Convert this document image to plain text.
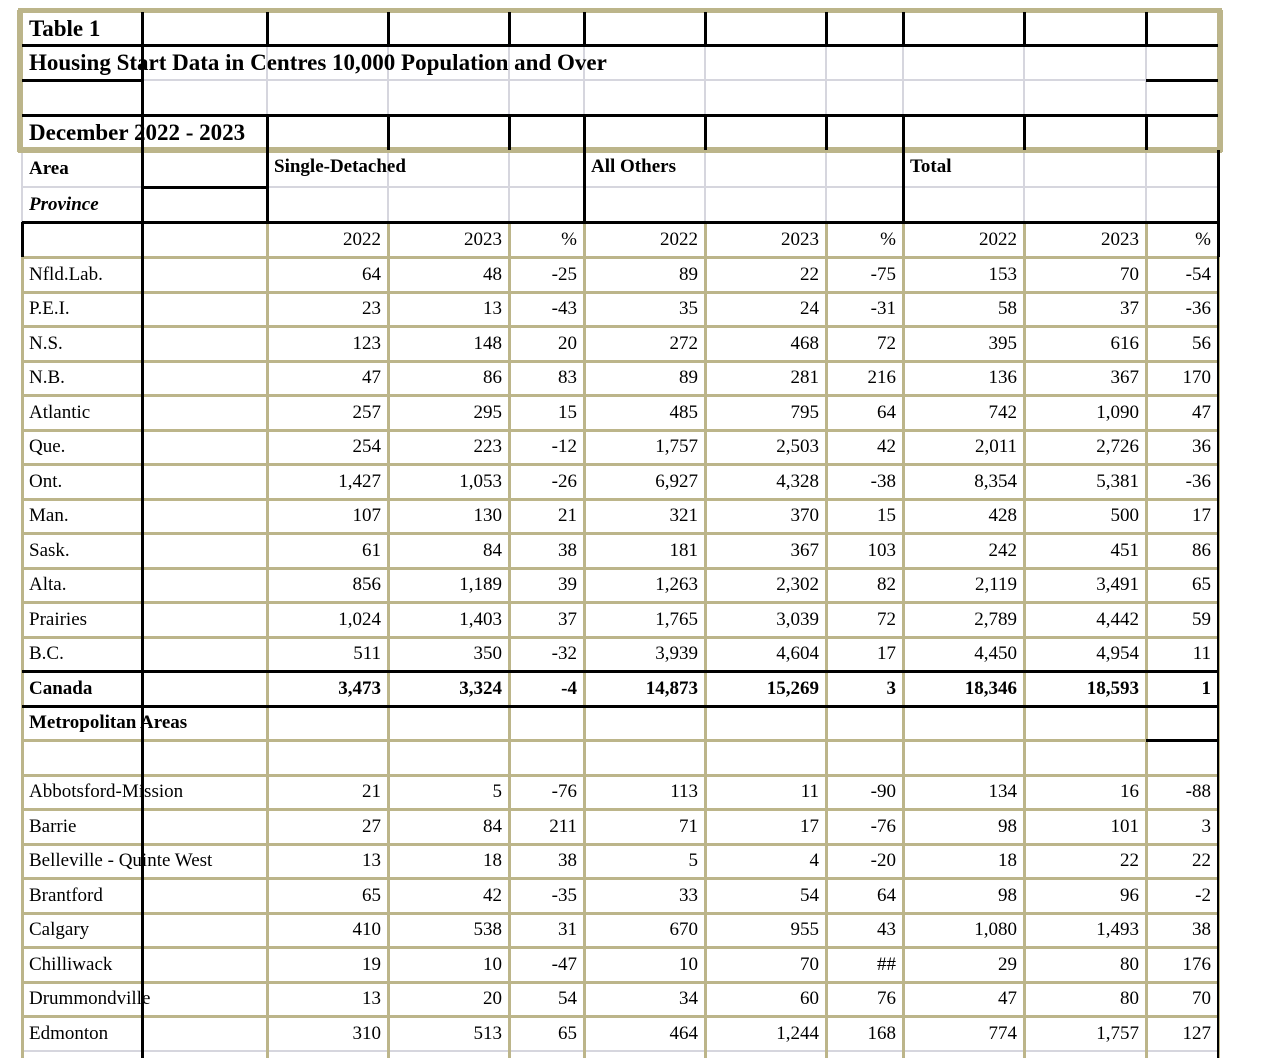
Table 1
Housing Start Data in Centres 10,000 Population and Over
December 2022 - 2023
Area
Province
Single-Detached	All Others	Total
2022	2023	%	2022	2023	%	2022	2023	%
Nfld.Lab.	64	48	-25	89	22	-75	153	70	-54
P.E.I.	23	13	-43	35	24	-31	58	37	-36
N.S.	123	148	20	272	468	72	395	616	56
N.B.	47	86	83	89	281	216	136	367	170
Atlantic	257	295	15	485	795	64	742	1,090	47
Que.	254	223	-12	1,757	2,503	42	2,011	2,726	36
Ont.	1,427	1,053	-26	6,927	4,328	-38	8,354	5,381	-36
Man.	107	130	21	321	370	15	428	500	17
Sask.	61	84	38	181	367	103	242	451	86
Alta.	856	1,189	39	1,263	2,302	82	2,119	3,491	65
Prairies	1,024	1,403	37	1,765	3,039	72	2,789	4,442	59
B.C.	511	350	-32	3,939	4,604	17	4,450	4,954	11
Canada	3,473	3,324	-4	14,873	15,269	3	18,346	18,593	1
Metropolitan Areas
Abbotsford-Mission	21	5	-76	113	11	-90	134	16	-88
Barrie	27	84	211	71	17	-76	98	101	3
Belleville - Quinte West	13	18	38	5	4	-20	18	22	22
Brantford	65	42	-35	33	54	64	98	96	-2
Calgary	410	538	31	670	955	43	1,080	1,493	38
Chilliwack	19	10	-47	10	70	##	29	80	176
Drummondville	13	20	54	34	60	76	47	80	70
Edmonton	310	513	65	464	1,244	168	774	1,757	127
